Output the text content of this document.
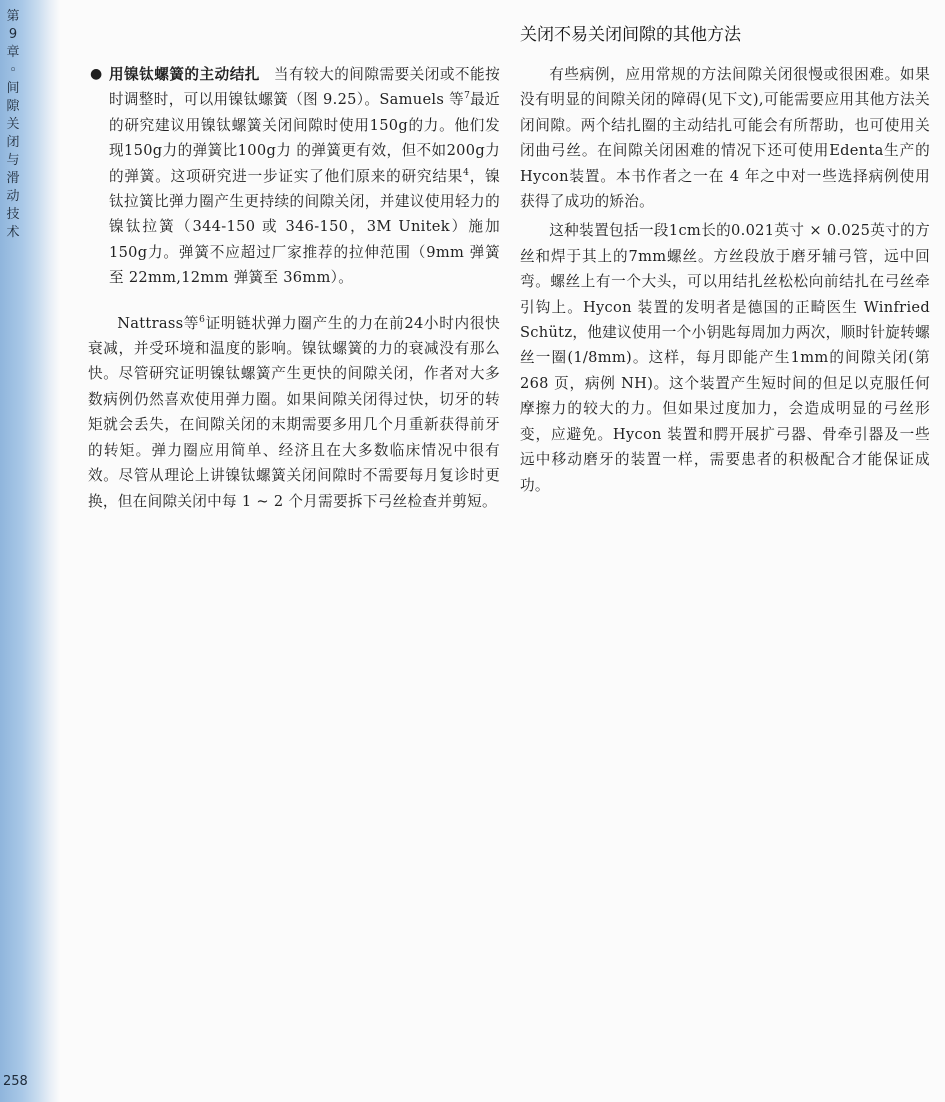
第9章◦间隙关闭与滑动技术
258
关闭不易关闭间隙的其他方法

● 用镍钛螺簧的主动结扎 当有较大的间隙需要关闭或不能按时调整时，可以用镍钛螺簧（图 9.25）。Samuels 等$^7$最近的研究建议用镍钛螺簧关闭间隙时使用150g的力。他们发现150g力的弹簧比100g力 的弹簧更有效，但不如200g力的弹簧。这项研究进一步证实了他们原来的研究结果$^4$，镍钛拉簧比弹力圈产生更持续的间隙关闭，并建议使用轻力的镍钛拉簧（344-150 或 346-150，3M Unitek）施加150g力。弹簧不应超过厂家推荐的拉伸范围（9mm 弹簧至 22mm,12mm 弹簧至 36mm）。

Nattrass等$^6$证明链状弹力圈产生的力在前24小时内很快衰减，并受环境和温度的影响。镍钛螺簧的力的衰减没有那么快。尽管研究证明镍钛螺簧产生更快的间隙关闭，作者对大多数病例仍然喜欢使用弹力圈。如果间隙关闭得过快，切牙的转矩就会丢失，在间隙关闭的末期需要多用几个月重新获得前牙的转矩。弹力圈应用简单、经济且在大多数临床情况中很有效。尽管从理论上讲镍钛螺簧关闭间隙时不需要每月复诊时更换，但在间隙关闭中每 1 ~ 2 个月需要拆下弓丝检查并剪短。

有些病例，应用常规的方法间隙关闭很慢或很困难。如果没有明显的间隙关闭的障碍(见下文),可能需要应用其他方法关闭间隙。两个结扎圈的主动结扎可能会有所帮助，也可使用关闭曲弓丝。在间隙关闭困难的情况下还可使用Edenta生产的Hycon装置。本书作者之一在 4 年之中对一些选择病例使用获得了成功的矫治。

这种装置包括一段1cm长的0.021英寸 × 0.025英寸的方丝和焊于其上的7mm螺丝。方丝段放于磨牙辅弓管，远中回弯。螺丝上有一个大头，可以用结扎丝松松向前结扎在弓丝牵引钩上。Hycon 装置的发明者是德国的正畸医生 Winfried Schütz，他建议使用一个小钥匙每周加力两次，顺时针旋转螺丝一圈(1/8mm)。这样，每月即能产生1mm的间隙关闭(第 268 页，病例 NH)。这个装置产生短时间的但足以克服任何摩擦力的较大的力。但如果过度加力，会造成明显的弓丝形变，应避免。Hycon 装置和腭开展扩弓器、骨牵引器及一些远中移动磨牙的装置一样，需要患者的积极配合才能保证成功。
